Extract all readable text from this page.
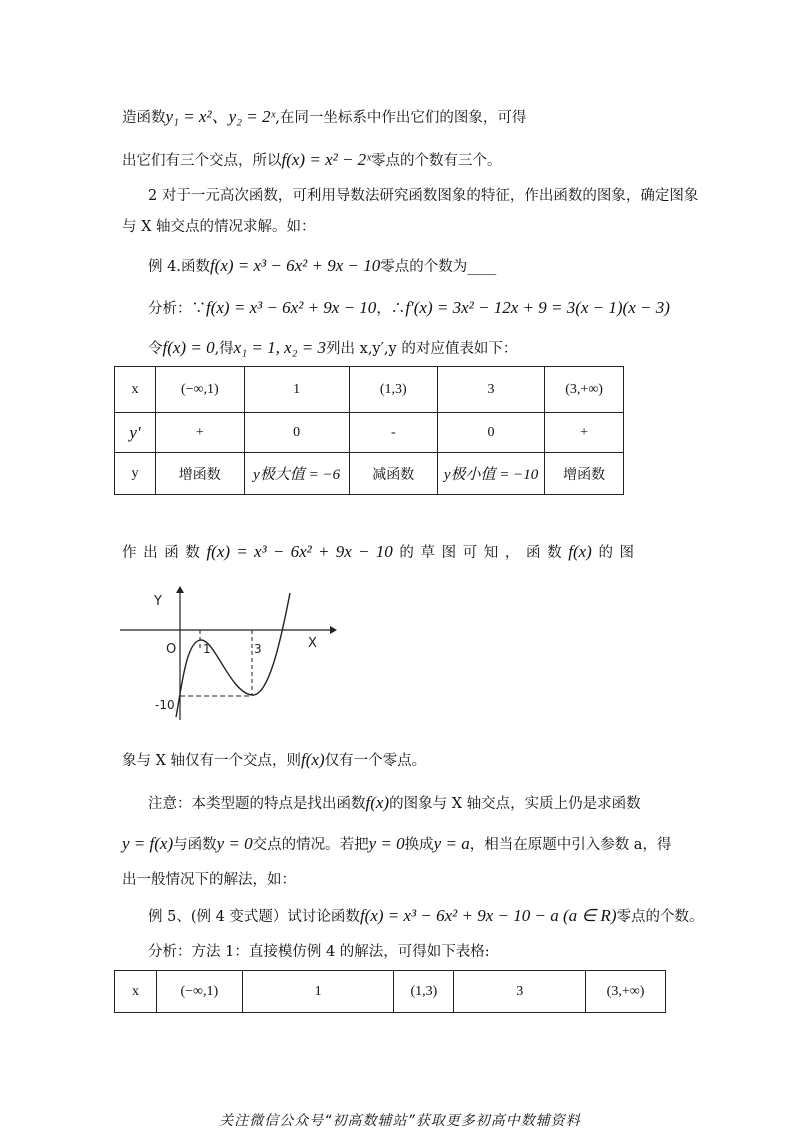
造函数y₁ = x²、y₂ = 2ˣ,在同一坐标系中作出它们的图象，可得
出它们有三个交点，所以f(x) = x² − 2ˣ零点的个数有三个。
2 对于一元高次函数，可利用导数法研究函数图象的特征，作出函数的图象，确定图象
与 X 轴交点的情况求解。如：
例 4.函数f(x) = x³ − 6x² + 9x − 10零点的个数为____
分析：∵f(x) = x³ − 6x² + 9x − 10，∴f′(x) = 3x² − 12x + 9 = 3(x − 1)(x − 3)
令f(x) = 0,得x₁ = 1, x₂ = 3列出 x,y′,y 的对应值表如下：
x	(−∞,1)	1	(1,3)	3	(3,+∞)
y′	+	0	-	0	+
y	增函数	y极大值 = −6	减函数	y极小值 = −10	增函数
作 出 函 数 f(x) = x³ − 6x² + 9x − 10 的 草 图 可 知 ， 函 数 f(x) 的 图
Y
X
O 1	3
-10
象与 X 轴仅有一个交点，则f(x)仅有一个零点。
注意：本类型题的特点是找出函数f(x)的图象与 X 轴交点，实质上仍是求函数
y = f(x)与函数y = 0交点的情况。若把y = 0换成y = a，相当在原题中引入参数 a，得
出一般情况下的解法，如：
例 5、(例 4 变式题）试讨论函数f(x) = x³ − 6x² + 9x − 10 − a (a ∈ R)零点的个数。
分析：方法 1：直接模仿例 4 的解法，可得如下表格:
x	(−∞,1)	1	(1,3)	3	(3,+∞)
关注微信公众号“初高数辅站”获取更多初高中数辅资料
